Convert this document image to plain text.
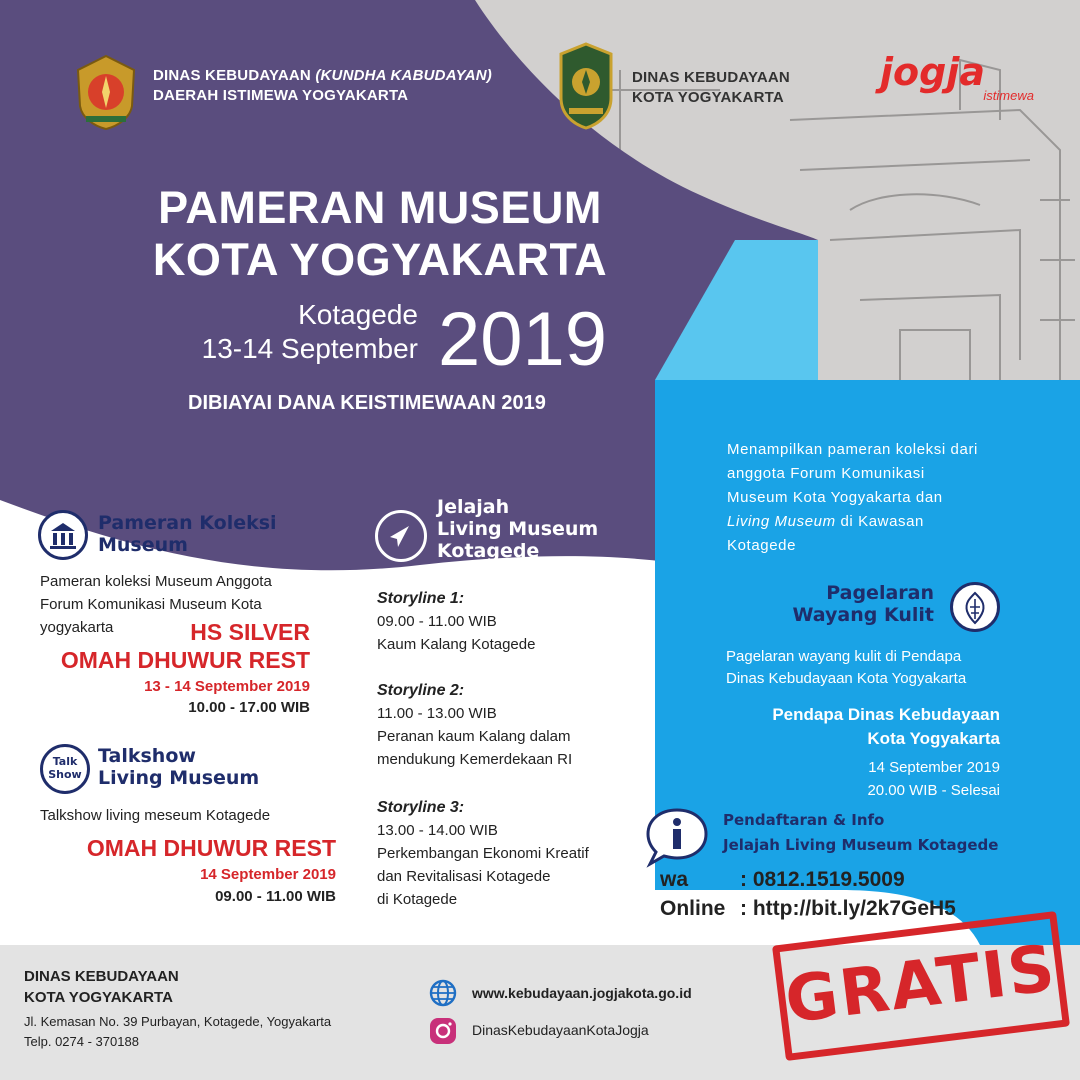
DINAS KEBUDAYAAN (KUNDHA KABUDAYAN)
DAERAH ISTIMEWA YOGYAKARTA
DINAS KEBUDAYAAN
KOTA YOGYAKARTA
jogja
istimewa
PAMERAN MUSEUM
KOTA YOGYAKARTA
Kotagede
13-14 September 2019
DIBIAYAI DANA KEISTIMEWAAN 2019
Pameran Koleksi
Museum
Pameran koleksi Museum Anggota
Forum Komunikasi Museum Kota
yogyakarta	HS SILVER
OMAH DHUWUR REST
13 - 14 September 2019
10.00 - 17.00 WIB
Talk
Show
Talkshow
Living Museum
Talkshow living meseum Kotagede
OMAH DHUWUR REST
14 September 2019
09.00 - 11.00 WIB
Jelajah
Living Museum
Kotagede
Storyline 1:
09.00 - 11.00 WIB
Kaum Kalang Kotagede
Storyline 2:
11.00 - 13.00 WIB
Peranan kaum Kalang dalam
mendukung Kemerdekaan RI
Storyline 3:
13.00 - 14.00 WIB
Perkembangan Ekonomi Kreatif
dan Revitalisasi Kotagede
di Kotagede
Menampilkan pameran koleksi dari
anggota Forum Komunikasi
Museum Kota Yogyakarta dan
Living Museum di Kawasan
Kotagede
Pagelaran
Wayang Kulit
Pagelaran wayang kulit di Pendapa
Dinas Kebudayaan Kota Yogyakarta
Pendapa Dinas Kebudayaan
Kota Yogyakarta
14 September 2019
20.00 WIB - Selesai
Pendaftaran & Info
Jelajah Living Museum Kotagede
wa : 0812.1519.5009
Online : http://bit.ly/2k7GeH5
DINAS KEBUDAYAAN
KOTA YOGYAKARTA
Jl. Kemasan No. 39 Purbayan, Kotagede, Yogyakarta
Telp. 0274 - 370188
www.kebudayaan.jogjakota.go.id
DinasKebudayaanKotaJogja GRATIS
